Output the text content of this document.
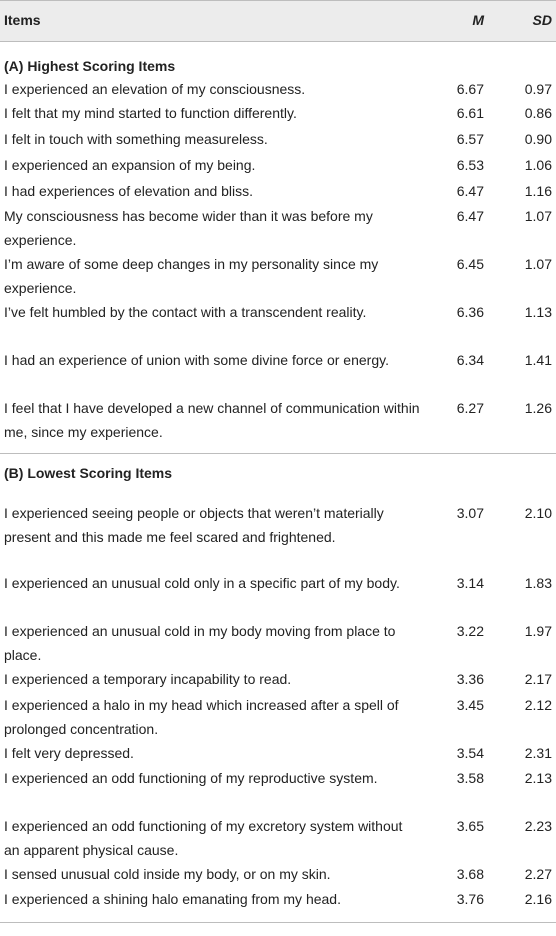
Items	M	SD
(A) Highest Scoring Items
I experienced an elevation of my consciousness.	6.67	0.97
I felt that my mind started to function differently.	6.61	0.86
I felt in touch with something measureless.	6.57	0.90
I experienced an expansion of my being.	6.53	1.06
I had experiences of elevation and bliss.	6.47	1.16
My consciousness has become wider than it was before my experience.
6.47	1.07
I’m aware of some deep changes in my personality since my experience.
6.45	1.07
I’ve felt humbled by the contact with a transcendent reality.	6.36	1.13
I had an experience of union with some divine force or energy.	6.34	1.41
I feel that I have developed a new channel of communication within me, since my experience.
6.27	1.26
(B) Lowest Scoring Items
I experienced seeing people or objects that weren’t materially present and this made me feel scared and frightened.
3.07	2.10
I experienced an unusual cold only in a specific part of my body.	3.14	1.83
I experienced an unusual cold in my body moving from place to place.
3.22	1.97
I experienced a temporary incapability to read.	3.36	2.17
I experienced a halo in my head which increased after a spell of prolonged concentration.
3.45	2.12
I felt very depressed.	3.54	2.31
I experienced an odd functioning of my reproductive system.	3.58	2.13
I experienced an odd functioning of my excretory system without an apparent physical cause.
3.65	2.23
I sensed unusual cold inside my body, or on my skin.	3.68	2.27
I experienced a shining halo emanating from my head.	3.76	2.16
